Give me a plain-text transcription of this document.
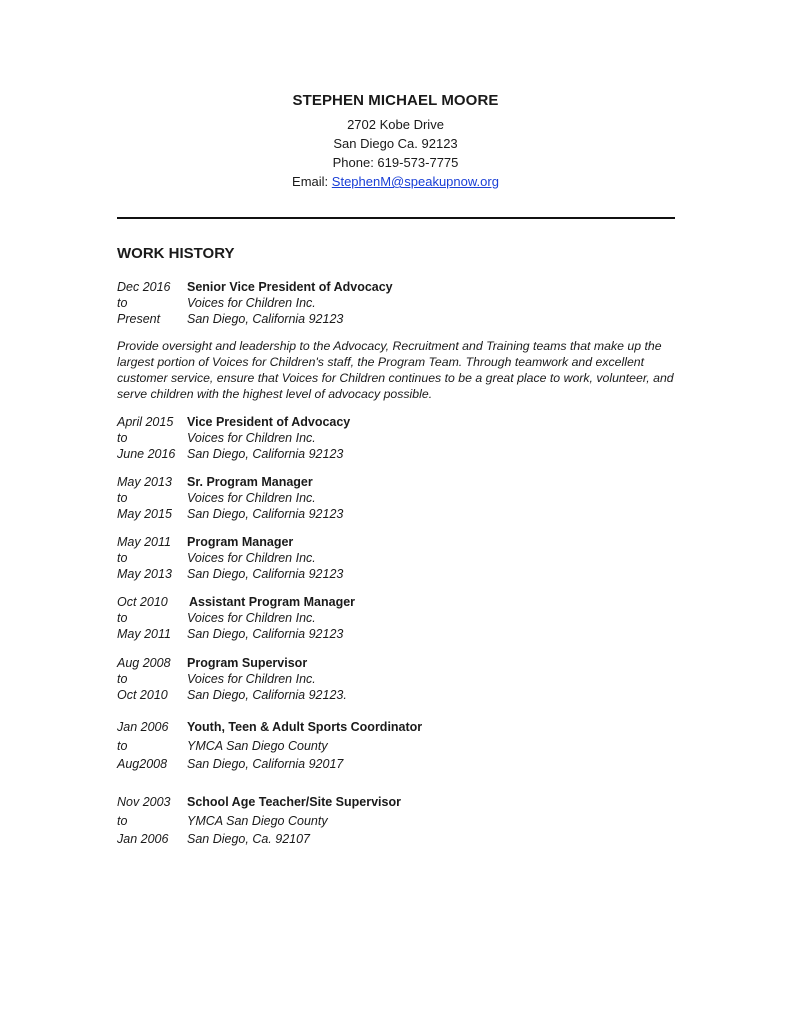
STEPHEN MICHAEL MOORE
2702 Kobe Drive
San Diego Ca. 92123
Phone: 619-573-7775
Email: StephenM@speakupnow.org
WORK HISTORY
Dec 2016	Senior Vice President of Advocacy
to	Voices for Children Inc.
Present	San Diego, California 92123
Provide oversight and leadership to the Advocacy, Recruitment and Training teams that make up the largest portion of Voices for Children's staff, the Program Team. Through teamwork and excellent customer service, ensure that Voices for Children continues to be a great place to work, volunteer, and serve children with the highest level of advocacy possible.
April 2015	Vice President of Advocacy
to	Voices for Children Inc.
June 2016 San Diego, California 92123
May 2013	Sr. Program Manager
to	Voices for Children Inc.
May 2015	San Diego, California 92123
May 2011	Program Manager
to	Voices for Children Inc.
May 2013	San Diego, California 92123
Oct 2010	Assistant Program Manager
to	Voices for Children Inc.
May 2011	San Diego, California 92123
Aug 2008	Program Supervisor
to	Voices for Children Inc.
Oct 2010	San Diego, California 92123.
Jan 2006	Youth, Teen & Adult Sports Coordinator
to	YMCA San Diego County
Aug2008	San Diego, California 92017
Nov 2003	School Age Teacher/Site Supervisor
to	YMCA San Diego County
Jan 2006	San Diego, Ca. 92107
